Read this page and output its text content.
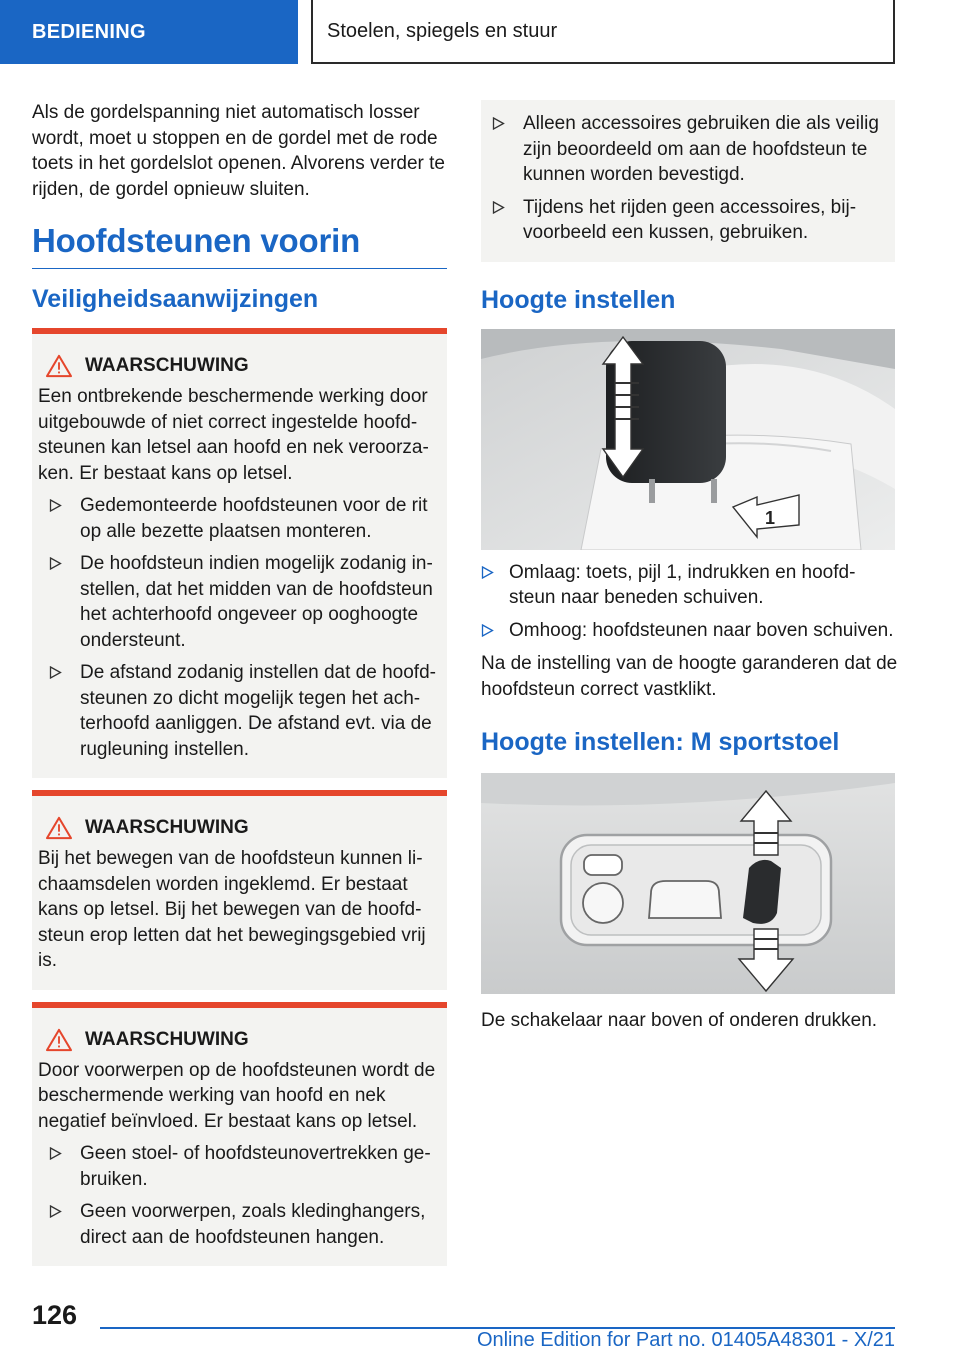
BEDIENING	Stoelen, spiegels en stuur

Als de gordelspanning niet automatisch losser wordt, moet u stoppen en de gordel met de rode toets in het gordelslot openen. Alvorens verder te rijden, de gordel opnieuw sluiten.

Hoofdsteunen voorin
Veiligheidsaanwijzingen
WAARSCHUWING

Een ontbrekende beschermende werking door uitgebouwde of niet correct ingestelde hoofdsteunen kan letsel aan hoofd en nek veroorzaken. Er bestaat kans op letsel.

Gedemonteerde hoofdsteunen voor de rit op alle bezette plaatsen monteren.
De hoofdsteun indien mogelijk zodanig instellen, dat het midden van de hoofdsteun het achterhoofd ongeveer op ooghoogte ondersteunt.
De afstand zodanig instellen dat de hoofdsteunen zo dicht mogelijk tegen het achterhoofd aanliggen. De afstand evt. via de rugleuning instellen.
WAARSCHUWING

Bij het bewegen van de hoofdsteun kunnen lichaamsdelen worden ingeklemd. Er bestaat kans op letsel. Bij het bewegen van de hoofdsteun erop letten dat het bewegingsgebied vrij is.

WAARSCHUWING

Door voorwerpen op de hoofdsteunen wordt de beschermende werking van hoofd en nek negatief beïnvloed. Er bestaat kans op letsel.

Geen stoel- of hoofdsteunovertrekken gebruiken.
Geen voorwerpen, zoals kledinghangers, direct aan de hoofdsteunen hangen.
Alleen accessoires gebruiken die als veilig zijn beoordeeld om aan de hoofdsteun te kunnen worden bevestigd.
Tijdens het rijden geen accessoires, bijvoorbeeld een kussen, gebruiken.
Hoogte instellen
1
Omlaag: toets, pijl 1, indrukken en hoofdsteun naar beneden schuiven.
Omhoog: hoofdsteunen naar boven schuiven.

Na de instelling van de hoogte garanderen dat de hoofdsteun correct vastklikt.

Hoogte instellen: M sportstoel

De schakelaar naar boven of onderen drukken.

126
Online Edition for Part no. 01405A48301 - X/21
